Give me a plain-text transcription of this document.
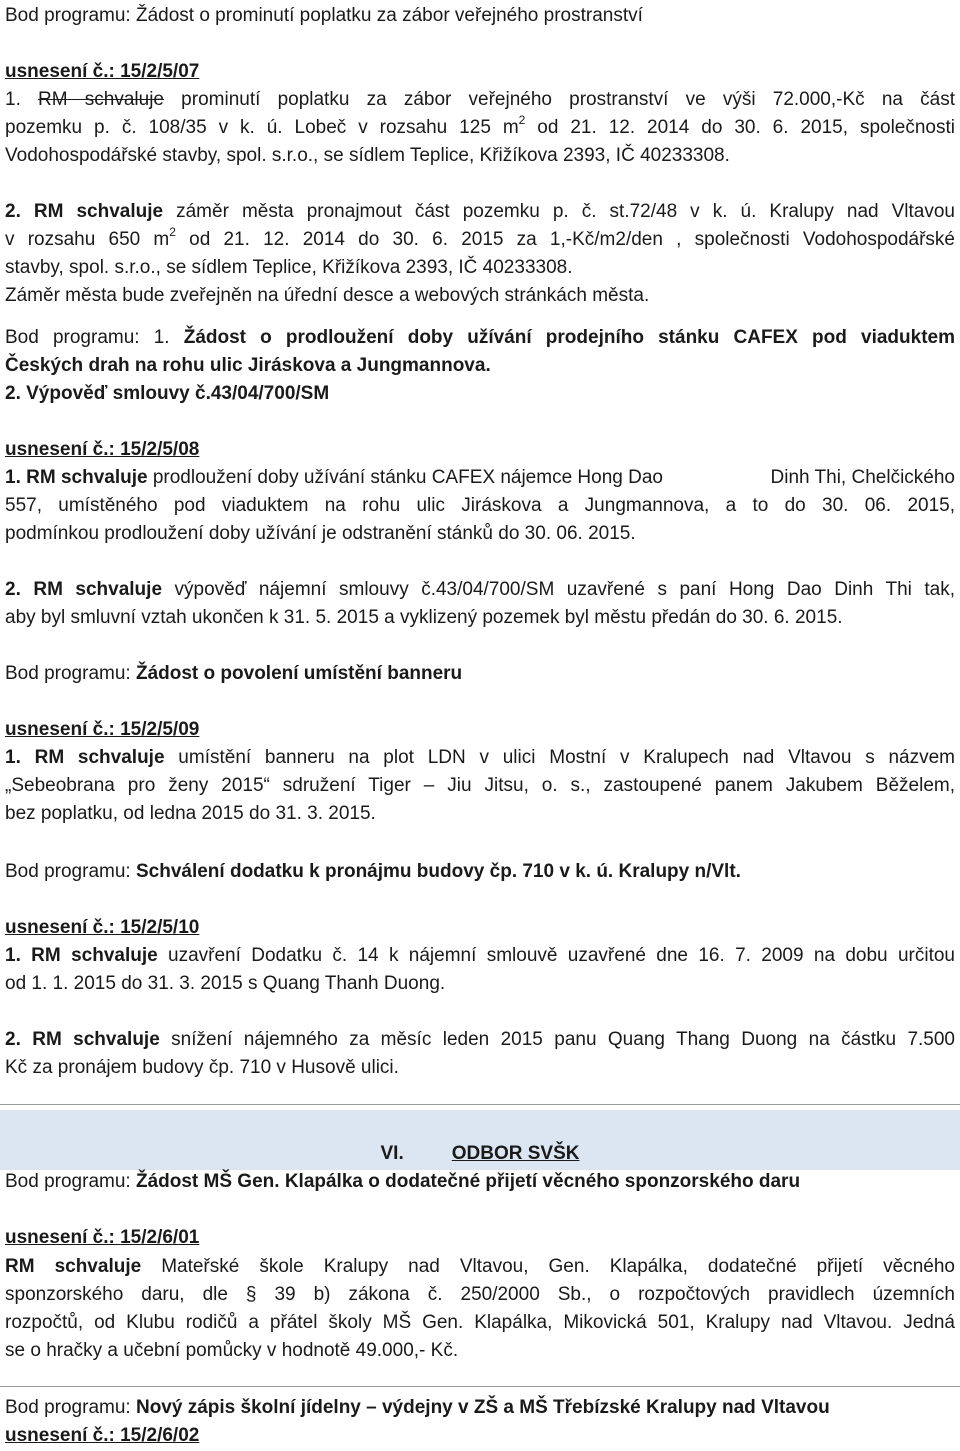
Bod programu: Žádost o prominutí poplatku za zábor veřejného prostranství
usnesení č.: 15/2/5/07
1. RM schvaluje prominutí poplatku za zábor veřejného prostranství ve výši 72.000,-Kč na část
pozemku p. č. 108/35 v k. ú. Lobeč v rozsahu 125 $m^2$ od 21. 12. 2014 do 30. 6. 2015, společnosti
Vodohospodářské stavby, spol. s.r.o., se sídlem Teplice, Křižíkova 2393, IČ 40233308.
2. RM schvaluje záměr města pronajmout část pozemku p. č. st.72/48 v k. ú. Kralupy nad Vltavou
v rozsahu 650 $m^2$ od 21. 12. 2014 do 30. 6. 2015 za 1,-Kč/m2/den , společnosti Vodohospodářské
stavby, spol. s.r.o., se sídlem Teplice, Křižíkova 2393, IČ 40233308.
Záměr města bude zveřejněn na úřední desce a webových stránkách města.
Bod programu: 1. Žádost o prodloužení doby užívání prodejního stánku CAFEX pod viaduktem
Českých drah na rohu ulic Jiráskova a Jungmannova.
2. Výpověď smlouvy č.43/04/700/SM
usnesení č.: 15/2/5/08
1. RM schvaluje prodloužení doby užívání stánku CAFEX nájemce Hong Dao	Dinh Thi, Chelčického
557, umístěného pod viaduktem na rohu ulic Jiráskova a Jungmannova, a to do 30. 06. 2015,
podmínkou prodloužení doby užívání je odstranění stánků do 30. 06. 2015.
2. RM schvaluje výpověď nájemní smlouvy č.43/04/700/SM uzavřené s paní Hong Dao Dinh Thi tak,
aby byl smluvní vztah ukončen k 31. 5. 2015 a vyklizený pozemek byl městu předán do 30. 6. 2015.
Bod programu: Žádost o povolení umístění banneru
usnesení č.: 15/2/5/09
1. RM schvaluje umístění banneru na plot LDN v ulici Mostní v Kralupech nad Vltavou s názvem
„Sebeobrana pro ženy 2015“ sdružení Tiger – Jiu Jitsu, o. s., zastoupené panem Jakubem Běželem,
bez poplatku, od ledna 2015 do 31. 3. 2015.
Bod programu: Schválení dodatku k pronájmu budovy čp. 710 v k. ú. Kralupy n/Vlt.
usnesení č.: 15/2/5/10
1. RM schvaluje uzavření Dodatku č. 14 k nájemní smlouvě uzavřené dne 16. 7. 2009 na dobu určitou
od 1. 1. 2015 do 31. 3. 2015 s Quang Thanh Duong.
2. RM schvaluje snížení nájemného za měsíc leden 2015 panu Quang Thang Duong na částku 7.500
Kč za pronájem budovy čp. 710 v Husově ulici.
VI.	ODBOR SVŠK
Bod programu: Žádost MŠ Gen. Klapálka o dodatečné přijetí věcného sponzorského daru
usnesení č.: 15/2/6/01
RM schvaluje Mateřské škole Kralupy nad Vltavou, Gen. Klapálka, dodatečné přijetí věcného
sponzorského daru, dle § 39 b) zákona č. 250/2000 Sb., o rozpočtových pravidlech územních
rozpočtů, od Klubu rodičů a přátel školy MŠ Gen. Klapálka, Mikovická 501, Kralupy nad Vltavou. Jedná
se o hračky a učební pomůcky v hodnotě 49.000,- Kč.
Bod programu: Nový zápis školní jídelny – výdejny v ZŠ a MŠ Třebízské Kralupy nad Vltavou
usnesení č.: 15/2/6/02
